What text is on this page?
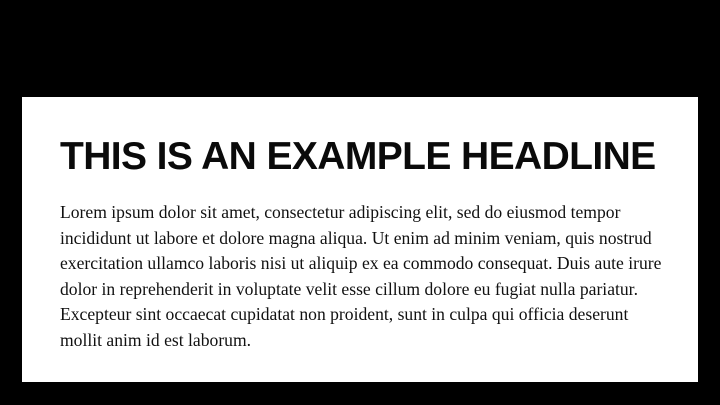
THIS IS AN EXAMPLE HEADLINE

Lorem ipsum dolor sit amet, consectetur adipiscing elit, sed do eiusmod tempor incididunt ut labore et dolore magna aliqua. Ut enim ad minim veniam, quis nostrud exercitation ullamco laboris nisi ut aliquip ex ea commodo consequat. Duis aute irure dolor in reprehenderit in voluptate velit esse cillum dolore eu fugiat nulla pariatur. Excepteur sint occaecat cupidatat non proident, sunt in culpa qui officia deserunt mollit anim id est laborum.
